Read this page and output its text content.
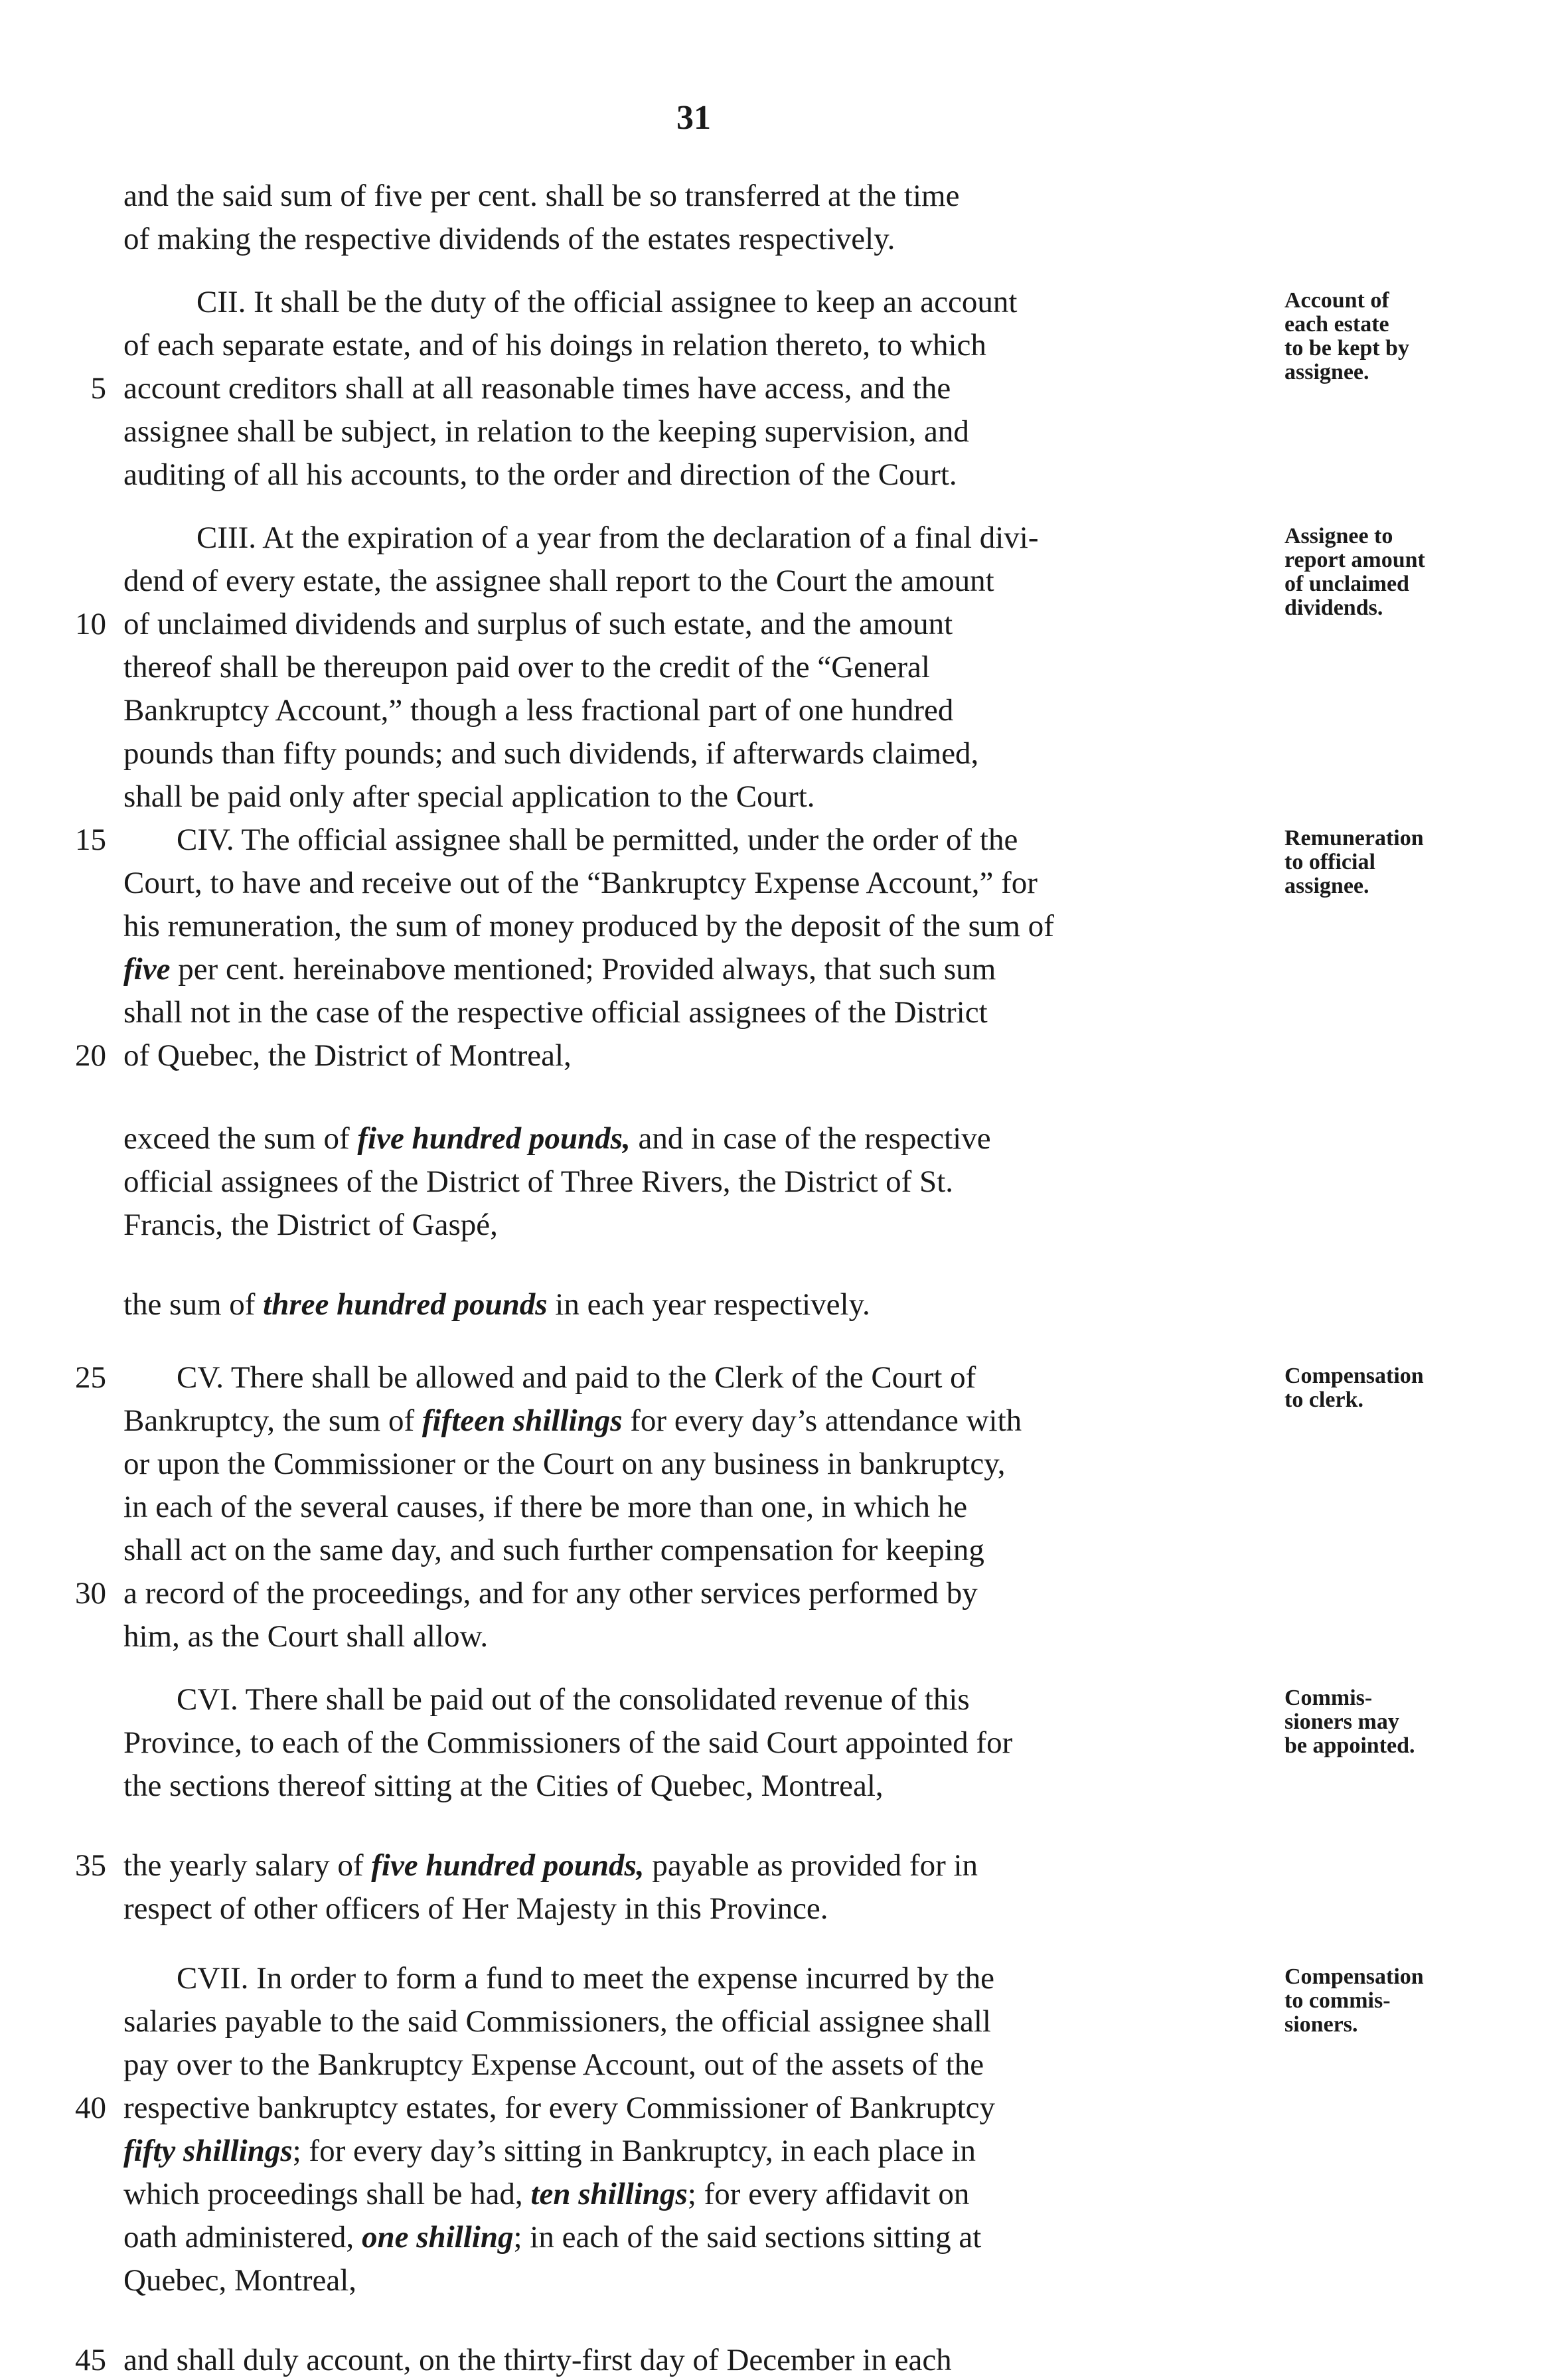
31
and the said sum of five per cent. shall be so transferred at the time
of making the respective dividends of the estates respectively.
CII. It shall be the duty of the official assignee to keep an account
of each separate estate, and of his doings in relation thereto, to which
account creditors shall at all reasonable times have access, and the
assignee shall be subject, in relation to the keeping supervision, and
auditing of all his accounts, to the order and direction of the Court.
CIII. At the expiration of a year from the declaration of a final divi-
dend of every estate, the assignee shall report to the Court the amount
of unclaimed dividends and surplus of such estate, and the amount
thereof shall be thereupon paid over to the credit of the “General
Bankruptcy Account,” though a less fractional part of one hundred
pounds than fifty pounds; and such dividends, if afterwards claimed,
shall be paid only after special application to the Court.
CIV. The official assignee shall be permitted, under the order of the
Court, to have and receive out of the “Bankruptcy Expense Account,” for
his remuneration, the sum of money produced by the deposit of the sum of
five per cent. hereinabove mentioned; Provided always, that such sum
shall not in the case of the respective official assignees of the District
of Quebec, the District of Montreal,
exceed the sum of five hundred pounds, and in case of the respective
official assignees of the District of Three Rivers, the District of St.
Francis, the District of Gaspé,
the sum of three hundred pounds in each year respectively.
CV. There shall be allowed and paid to the Clerk of the Court of
Bankruptcy, the sum of fifteen shillings for every day’s attendance with
or upon the Commissioner or the Court on any business in bankruptcy,
in each of the several causes, if there be more than one, in which he
shall act on the same day, and such further compensation for keeping
a record of the proceedings, and for any other services performed by
him, as the Court shall allow.
CVI. There shall be paid out of the consolidated revenue of this
Province, to each of the Commissioners of the said Court appointed for
the sections thereof sitting at the Cities of Quebec, Montreal,
the yearly salary of five hundred pounds, payable as provided for in
respect of other officers of Her Majesty in this Province.
CVII. In order to form a fund to meet the expense incurred by the
salaries payable to the said Commissioners, the official assignee shall
pay over to the Bankruptcy Expense Account, out of the assets of the
respective bankruptcy estates, for every Commissioner of Bankruptcy
fifty shillings; for every day’s sitting in Bankruptcy, in each place in
which proceedings shall be had, ten shillings; for every affidavit on
oath administered, one shilling; in each of the said sections sitting at
Quebec, Montreal,
and shall duly account, on the thirty-first day of December in each
5
10
15
20
25
30
35
40
45
Account of
each estate
to be kept by
assignee.
Assignee to
report amount
of unclaimed
dividends.
Remuneration
to official
assignee.
Compensation
to clerk.
Commis-
sioners may
be appointed.
Compensation
to commis-
sioners.
